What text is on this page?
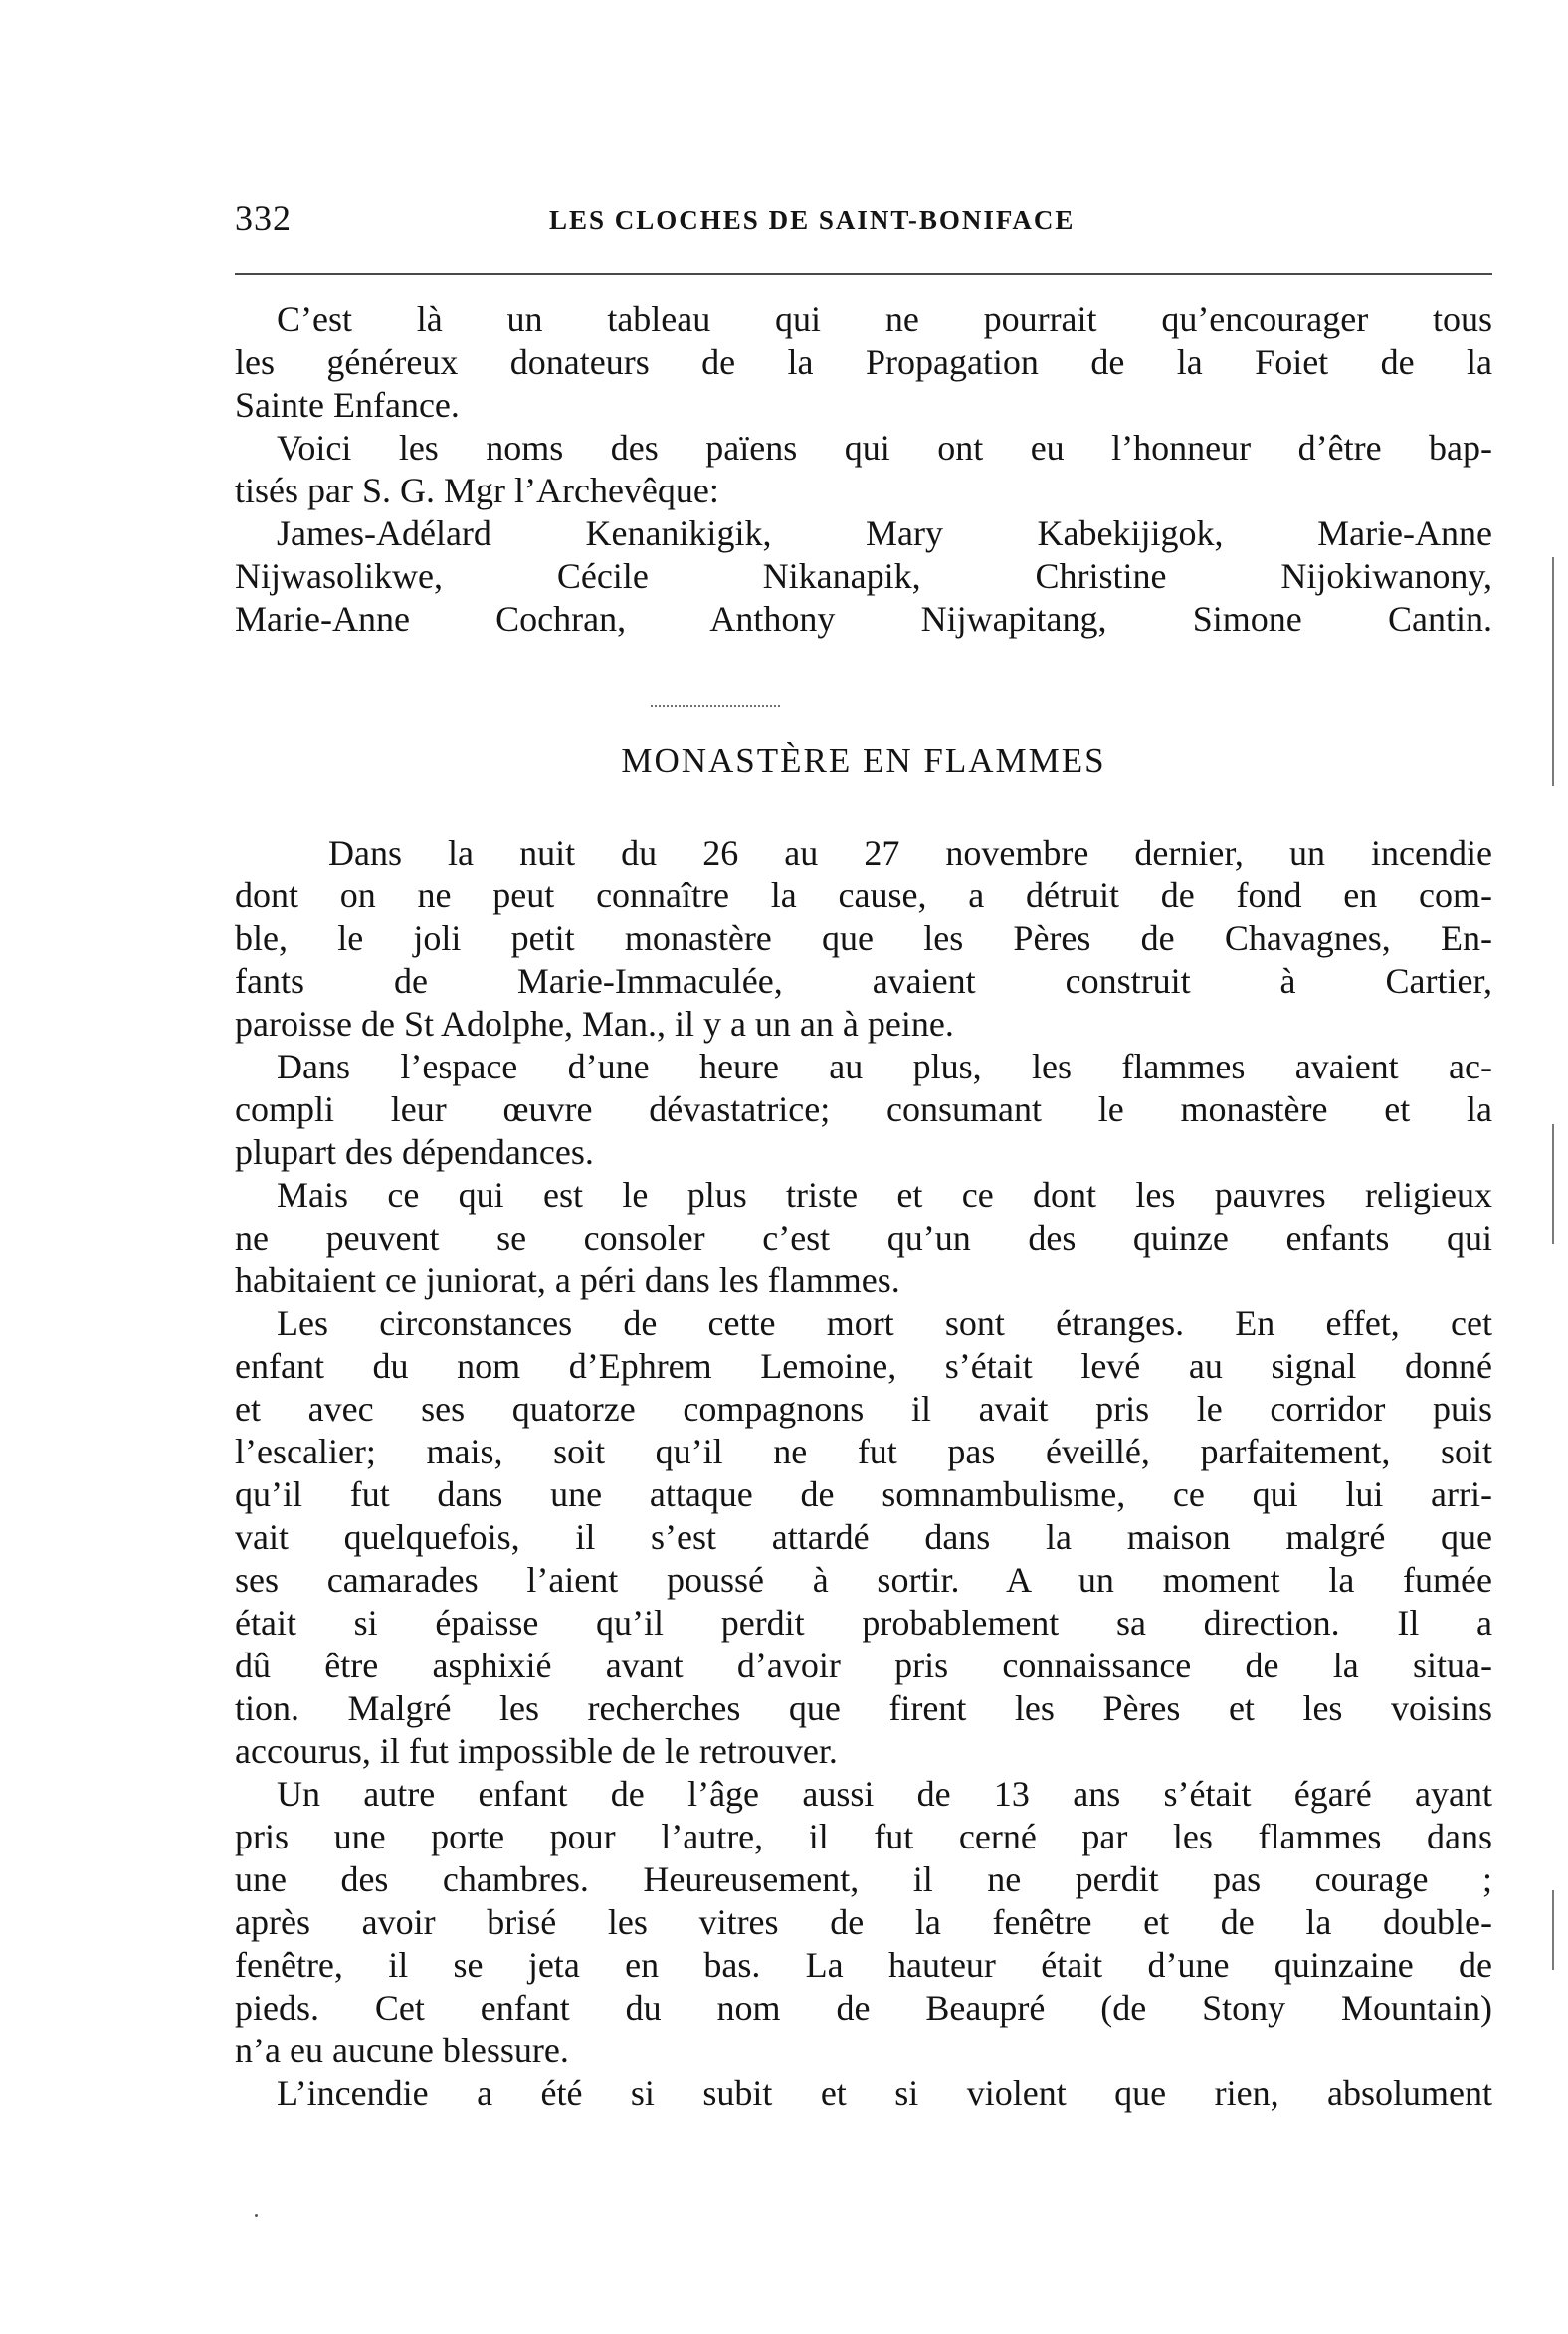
332	LES CLOCHES DE SAINT-BONIFACE
C’est là un tableau qui ne pourrait qu’encourager tous
les généreux donateurs de la Propagation de la Foiet de la
Sainte Enfance.
Voici les noms des païens qui ont eu l’honneur d’être bap-
tisés par S. G. Mgr l’Archevêque:
James-Adélard Kenanikigik, Mary Kabekijigok, Marie-Anne
Nijwasolikwe, Cécile Nikanapik, Christine Nijokiwanony,
Marie-Anne Cochran, Anthony Nijwapitang, Simone Cantin.
MONASTÈRE EN FLAMMES
Dans la nuit du 26 au 27 novembre dernier, un incendie
dont on ne peut connaître la cause, a détruit de fond en com-
ble, le joli petit monastère que les Pères de Chavagnes, En-
fants de Marie-Immaculée, avaient construit à Cartier,
paroisse de St Adolphe, Man., il y a un an à peine.
Dans l’espace d’une heure au plus, les flammes avaient ac-
compli leur œuvre dévastatrice; consumant le monastère et la
plupart des dépendances.
Mais ce qui est le plus triste et ce dont les pauvres religieux
ne peuvent se consoler c’est qu’un des quinze enfants qui
habitaient ce juniorat, a péri dans les flammes.
Les circonstances de cette mort sont étranges. En effet, cet
enfant du nom d’Ephrem Lemoine, s’était levé au signal donné
et avec ses quatorze compagnons il avait pris le corridor puis
l’escalier; mais, soit qu’il ne fut pas éveillé, parfaitement, soit
qu’il fut dans une attaque de somnambulisme, ce qui lui arri-
vait quelquefois, il s’est attardé dans la maison malgré que
ses camarades l’aient poussé à sortir. A un moment la fumée
était si épaisse qu’il perdit probablement sa direction. Il a
dû être asphixié avant d’avoir pris connaissance de la situa-
tion. Malgré les recherches que firent les Pères et les voisins
accourus, il fut impossible de le retrouver.
Un autre enfant de l’âge aussi de 13 ans s’était égaré ayant
pris une porte pour l’autre, il fut cerné par les flammes dans
une des chambres. Heureusement, il ne perdit pas courage ;
après avoir brisé les vitres de la fenêtre et de la double-
fenêtre, il se jeta en bas. La hauteur était d’une quinzaine de
pieds. Cet enfant du nom de Beaupré (de Stony Mountain)
n’a eu aucune blessure.
L’incendie a été si subit et si violent que rien, absolument
